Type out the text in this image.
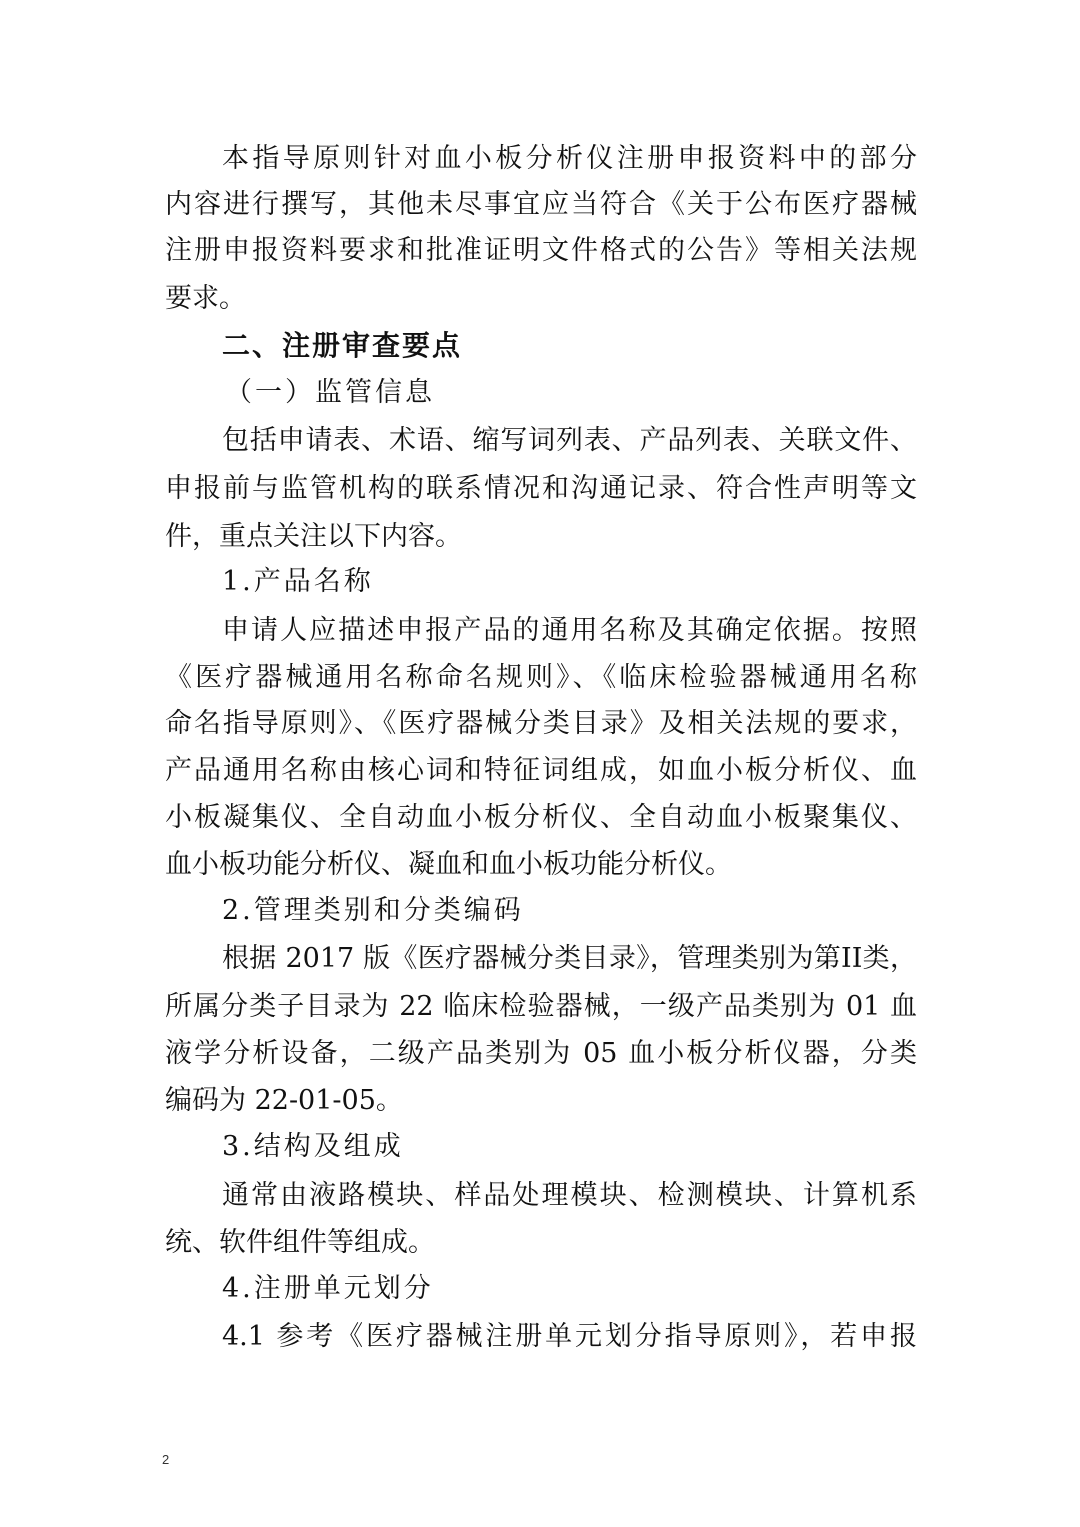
本指导原则针对血小板分析仪注册申报资料中的部分
内容进行撰写，其他未尽事宜应当符合《关于公布医疗器械
注册申报资料要求和批准证明文件格式的公告》等相关法规
要求。
二、注册审查要点
（一）监管信息
包括申请表、术语、缩写词列表、产品列表、关联文件、
申报前与监管机构的联系情况和沟通记录、符合性声明等文
件，重点关注以下内容。
1.产品名称
申请人应描述申报产品的通用名称及其确定依据。按照
《医疗器械通用名称命名规则》、《临床检验器械通用名称
命名指导原则》、《医疗器械分类目录》及相关法规的要求，
产品通用名称由核心词和特征词组成，如血小板分析仪、血
小板凝集仪、全自动血小板分析仪、全自动血小板聚集仪、
血小板功能分析仪、凝血和血小板功能分析仪。
2.管理类别和分类编码
根据 2017 版《医疗器械分类目录》，管理类别为第II类，
所属分类子目录为 22 临床检验器械，一级产品类别为 01 血
液学分析设备，二级产品类别为 05 血小板分析仪器，分类
编码为 22-01-05。
3.结构及组成
通常由液路模块、样品处理模块、检测模块、计算机系
统、软件组件等组成。
4.注册单元划分
4.1 参考《医疗器械注册单元划分指导原则》，若申报
2
